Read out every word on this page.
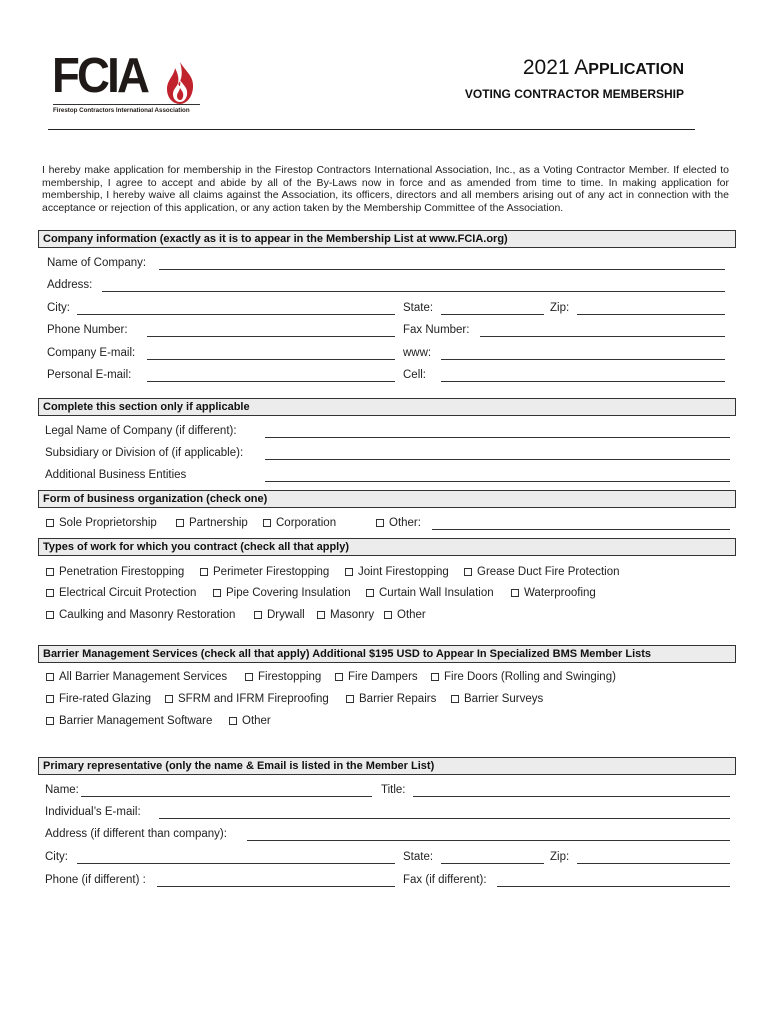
FCIA
Firestop Contractors International Association
2021 APPLICATION
VOTING CONTRACTOR MEMBERSHIP
I hereby make application for membership in the Firestop Contractors International Association, Inc., as a Voting Contractor Member. If elected to membership, I agree to accept and abide by all of the By-Laws now in force and as amended from time to time. In making application for membership, I hereby waive all claims against the Association, its officers, directors and all members arising out of any act in connection with the acceptance or rejection of this application, or any action taken by the Membership Committee of the Association.
Company information (exactly as it is to appear in the Membership List at www.FCIA.org)
Name of Company:
Address:
City:	State:	Zip:
Phone Number:	Fax Number:
Company E-mail:	www:
Personal E-mail:	Cell:
Complete this section only if applicable
Legal Name of Company (if different):
Subsidiary or Division of (if applicable):
Additional Business Entities
Form of business organization (check one)
Sole Proprietorship	Partnership	Corporation	Other:
Types of work for which you contract (check all that apply)
Penetration Firestopping	Perimeter Firestopping	Joint Firestopping	Grease Duct Fire Protection
Electrical Circuit Protection	Pipe Covering Insulation	Curtain Wall Insulation	Waterproofing
Caulking and Masonry Restoration	Drywall	Masonry	Other
Barrier Management Services (check all that apply) Additional $195 USD to Appear In Specialized BMS Member Lists
All Barrier Management Services	Firestopping	Fire Dampers	Fire Doors (Rolling and Swinging)
Fire-rated Glazing	SFRM and IFRM Fireproofing	Barrier Repairs	Barrier Surveys
Barrier Management Software	Other
Primary representative (only the name & Email is listed in the Member List)
Name:	Title:
Individual’s E-mail:
Address (if different than company):
City:	State:	Zip:
Phone (if different) :	Fax (if different):
